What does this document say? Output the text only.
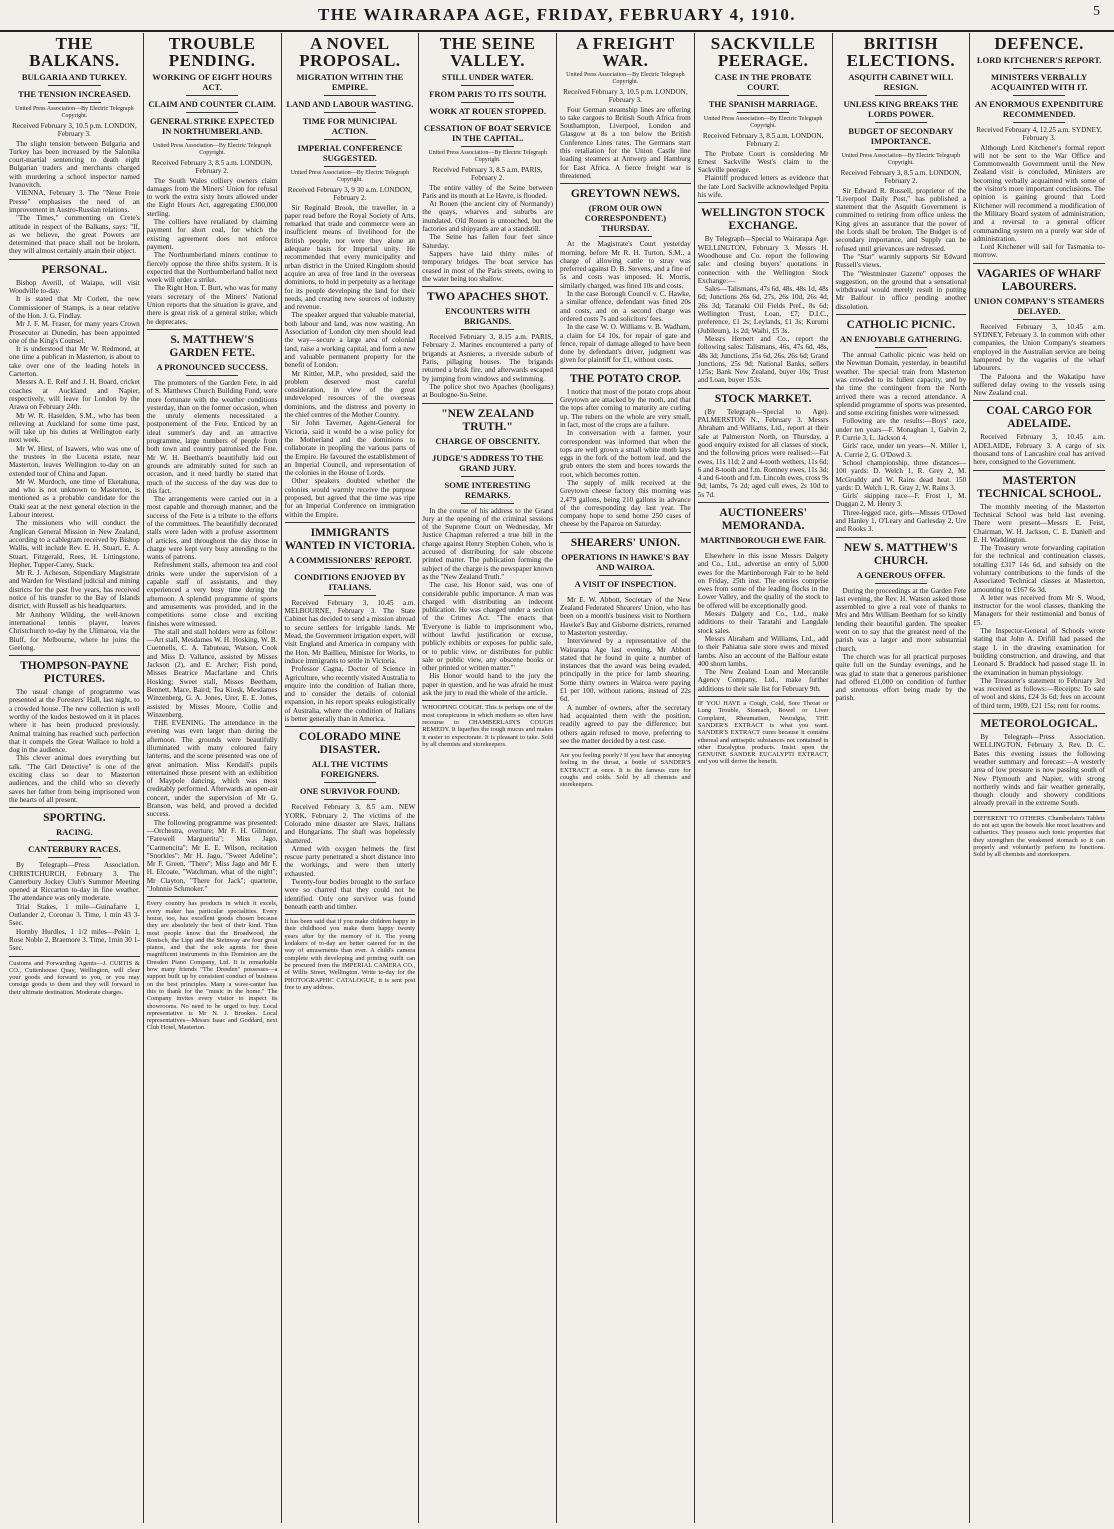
THE WAIRARAPA AGE, FRIDAY, FEBRUARY 4, 1910.	5
THE BALKANS.
BULGARIA AND TURKEY.
THE TENSION INCREASED.
United Press Association—By Electric Telegraph Copyright.
Received February 3, 10.5 p.m. LONDON, February 3.

The slight tension between Bulgaria and Turkey has been increased by the Salonika court-martial sentencing to death eight Bulgarian traders and merchants charged with murdering a school inspector named Ivanovitch.

VIENNA, February 3. The "Neue Freie Presse" emphasises the need of an improvement in Austro-Russian relations.

"The Times," commenting on Crete's attitude in respect of the Balkans, says: "If, as we believe, the great Powers are determined that peace shall not be broken, they will almost certainly attain their object.

PERSONAL.

Bishop Averill, of Waiapu, will visit Woodville to-day.

It is stated that Mr Corlett, the new Commissioner of Stamps, is a near relative of the Hon. J. G. Findlay.

Mr J. F. M. Fraser, for many years Crown Prosecutor at Dunedin, has been appointed one of the King's Counsel.

It is understood that Mr W. Redmond, at one time a publican in Masterton, is about to take over one of the leading hotels in Carterton.

Messrs A. E. Relf and J. H. Board, cricket coaches at Auckland and Napier, respectively, will leave for London by the Arawa on February 24th.

Mr W. R. Haselden, S.M., who has been relieving at Auckland for some time past, will take up his duties at Wellington early next week.

Mr W. Hirst, of Isawers, who was one of the trustees in the Lucena estate, near Masterton, leaves Wellington to-day on an extended tour of China and Japan.

Mr W. Murdoch, one time of Eketahuna, and who is not unknown to Masterton, is mentioned as a probable candidate for the Otaki seat at the next general election in the Labour interest.

The missioners who will conduct the Anglican General Mission in New Zealand, according to a cablegram received by Bishop Wallis, will include Rev. E. H. Stuart, E. A. Stuart, Fitzgerald, Rees, H. Littingstone, Hepher, Tupper-Carey, Stack.

Mr R. J. Acheson, Stipendiary Magistrate and Warden for Westland judicial and mining districts for the past five years, has received notice of his transfer to the Bay of Islands district, with Russell as his headquarters.

Mr Anthony Wilding, the well-known international tennis player, leaves Christchurch to-day by the Ulimaroa, via the Bluff, for Melbourne, where he joins the Geelong.

THOMPSON-PAYNE PICTURES.

The usual change of programme was presented at the Foresters' Hall, last night, to a crowded house. The new collection is well worthy of the kudos bestowed on it in places where it has been produced previously. Animal training has reached such perfection that it compels the Great Wallace to hold a dog in the audience.

This clever animal does everything but talk. "The Girl Detective" is one of the exciting class so dear to Masterton audiences, and the child who so cleverly saves her father from being imprisoned won the hearts of all present.

SPORTING.
RACING.
CANTERBURY RACES.

By Telegraph—Press Association. CHRISTCHURCH, February 3. The Canterbury Jockey Club's Summer Meeting opened at Riccarton to-day in fine weather. The attendance was only moderate.

Trial Stakes, 1 mile—Guinafarre 1, Outlander 2, Coronao 3. Time, 1 min 43 3-5sec.

Hornby Hurdles, 1 1/2 miles—Pekin 1, Rose Noble 2, Braemore 3. Time, 1min 30 1-5sec.

Customs and Forwarding Agents—J. CURTIS & CO., Cuttenhouse Quay, Wellington, will clear your goods and forward to you, or you may consign goods to them and they will forward to their ultimate destination. Moderate charges.
TROUBLE PENDING.
WORKING OF EIGHT HOURS ACT.
CLAIM AND COUNTER CLAIM.
GENERAL STRIKE EXPECTED IN NORTHUMBERLAND.
United Press Association—By Electric Telegraph Copyright.
Received February 3, 8.5 a.m. LONDON, February 2.

The South Wales colliery owners claim damages from the Miners' Union for refusal to work the extra sixty hours allowed under the Eight Hours Act, aggregating £300,000 sterling.

The colliers have retaliated by claiming payment for short coal, for which the existing agreement does not enforce payment.

The Northumberland miners continue to fiercely oppose the three shifts system. It is expected that the Northumberland ballot next week will order a strike.

The Right Hon. T. Burt, who was for many years secretary of the Miners' National Union reports that the situation is grave, and there is great risk of a general strike, which he deprecates.

S. MATTHEW'S GARDEN FETE.
A PRONOUNCED SUCCESS.

The promoters of the Garden Fete, in aid of S. Matthews Church Building Fund, were more fortunate with the weather conditions yesterday, than on the former occasion, when the unruly elements necessitated a postponement of the Fete. Enticed by an ideal summer's day and an attractive programme, large numbers of people from both town and country patronised the Fete. Mr W. H. Beetham's beautifully laid out grounds are admirably suited for such an occasion, and it need hardly be stated that much of the success of the day was due to this fact.

The arrangements were carried out in a most capable and thorough manner, and the success of the Fete is a tribute to the efforts of the committees. The beautifully decorated stalls were laden with a profuse assortment of articles, and throughout the day those in charge were kept very busy attending to the wants of patrons.

Refreshment stalls, afternoon tea and cool drinks were under the supervision of a capable staff of assistants, and they experienced a very busy time during the afternoon. A splendid programme of sports and amusements was provided, and in the competitions some close and exciting finishes were witnessed.

The stall and stall holders were as follow:—Art stall, Mesdames W. H. Hosking, W. B. Cuennells, C. A. Tabuteau, Watson, Cook and Miss D. Vallance, assisted by Misses Jackson (2), and E. Archer; Fish pond, Misses Beatrice Macfarlane and Chris Hosking; Sweet stall, Misses Beetham, Bennett, Mace, Baird; Tea Kiosk, Mesdames Winzenberg, G. A. Jones, Urer, E. E. Jones, assisted by Misses Moore, Collie and Winzenberg.

THE EVENING. The attendance in the evening was even larger than during the afternoon. The grounds were beautifully illuminated with many coloured fairy lanterns, and the scene presented was one of great animation. Miss Kendall's pupils entertained those present with an exhibition of Maypole dancing, which was most creditably performed. Afterwards an open-air concert, under the supervision of Mr G. Branson, was held, and proved a decided success.

The following programme was presented:—Orchestra, overture; Mr F. H. Gilmour, "Farewell Marguerita"; Miss Jago, "Carmencita"; Mr E. E. Wilson, recitation "Snorkles"; Mr H. Jago, "Sweet Adeline"; Mr F. Green, "There"; Miss Jago and Mr F. H. Elcoate, "Watchman, what of the night"; Mr Clayton, "There for Jack"; quartette, "Johnnie Schmoker."

Every country has products in which it excels, every maker has particular specialities. Every house, too, has excellent goods chosen because they are absolutely the best of their kind. Thus most people know that the Broadwood, the Ronisch, the Lipp and the Steinway are four great pianos, and that the sole agents for these magnificent instruments in this Dominion are the Dresden Piano Company, Ltd. It is remarkable how many friends "The Dresden" possesses—a support built up by consistent conduct of business on the best principles. Many a wave-canter has this to thank for the "music in the home." The Company invites every visitor to inspect its showrooms. No need to be urged to buy. Local representative is Mr N. J. Brookes. Local representatives—Messrs Isaac and Goddard, next Club Hotel, Masterton.
A NOVEL PROPOSAL.
MIGRATION WITHIN THE EMPIRE.
LAND AND LABOUR WASTING.
TIME FOR MUNICIPAL ACTION.
IMPERIAL CONFERENCE SUGGESTED.
United Press Association—By Electric Telegraph Copyright.
Received February 3, 9 30 a.m. LONDON, February 2.

Sir Reginald Brook, the traveller, in a paper read before the Royal Society of Arts, remarked that trade and commerce were an insufficient means of livelihood for the British people, nor were they alone an adequate basis for Imperial unity. He recommended that every municipality and urban district in the United Kingdom should acquire an area of free land in the overseas dominions, to hold in perpetuity as a heritage for its people developing the land for their needs, and creating new sources of industry and revenue.

The speaker argued that valuable material, both labour and land, was now wasting. An Association of London city men should lead the way—secure a large area of colonial land, raise a working capital, and form a new and valuable permanent property for the benefit of London.

Mr Kittler, M.P., who presided, said the problem deserved most careful consideration, in view of the great undeveloped resources of the overseas dominions, and the distress and poverty in the chief centres of the Mother Country.

Sir John Taverner, Agent-General for Victoria, said it would be a wise policy for the Motherland and the dominions to collaborate in peopling the various parts of the Empire. He favoured the establishment of an Imperial Council, and representation of the colonies in the House of Lords.

Other speakers doubted whether the colonies would warmly receive the purpose proposed, but agreed that the time was ripe for an Imperial Conference on immigration within the Empire.

IMMIGRANTS WANTED IN VICTORIA.
A COMMISSIONERS' REPORT.
CONDITIONS ENJOYED BY ITALIANS.

Received February 3, 10.45 a.m. MELBOURNE, February 3. The State Cabinet has decided to send a mission abroad to secure settlers for irrigable lands. Mr Mead, the Government irrigation expert, will visit England and America in company with the Hon. Mr Baillieu, Minister for Works, to induce immigrants to settle in Victoria.

Professor Cagna, Doctor of Science in Agriculture, who recently visited Australia to enquire into the condition of Italian there, and to consider the details of colonial expansion, in his report speaks eulogistically of Australia, where the condition of Italians is better generally than in America.

COLORADO MINE DISASTER.
ALL THE VICTIMS FOREIGNERS.
ONE SURVIVOR FOUND.

Received February 3, 8.5 a.m. NEW YORK, February 2. The victims of the Colorado mine disaster are Slavs, Italians and Hungarians. The shaft was hopelessly shattered.

Armed with oxygen helmets the first rescue party penetrated a short distance into the workings, and were then utterly exhausted.

Twenty-four bodies brought to the surface were so charred that they could not be identified. Only one survivor was found beneath earth and timber.

It has been said that if you make children happy in their childhood you make them happy twenty years after by the memory of it. The young kodakers of to-day are better catered for in the way of amusements than ever. A child's camera complete with developing and printing outfit can be procured from the IMPERIAL CAMERA CO., of Willis Street, Wellington. Write to-day for the PHOTOGRAPHIC CATALOGUE, it is sent post free to any address.
THE SEINE VALLEY.
STILL UNDER WATER.
FROM PARIS TO ITS SOUTH.
WORK AT ROUEN STOPPED.
CESSATION OF BOAT SERVICE IN THE CAPITAL.
United Press Association—By Electric Telegraph Copyright.
Received February 3, 8.5 a.m. PARIS, February 2.

The entire valley of the Seine between Paris and its mouth at Le Havre, is flooded.

At Rouen (the ancient city of Normandy) the quays, wharves and suburbs are inundated. Old Rouen is untouched, but the factories and shipyards are at a standstill.

The Seine has fallen four feet since Saturday.

Sappers have laid thirty miles of temporary bridges. The boat service has ceased in most of the Paris streets, owing to the water being too shallow.

TWO APACHES SHOT.
ENCOUNTERS WITH BRIGANDS.

Received February 3, 8.15 a.m. PARIS, February 2. Marines encountered a party of brigands at Asnieres, a riverside suburb of Paris, pillaging houses. The brigands returned a brisk fire, and afterwards escaped by jumping from windows and swimming.

The police shot two Apaches (hooligans) at Boulogne-Su-Seine.

"NEW ZEALAND TRUTH."
CHARGE OF OBSCENITY.
JUDGE'S ADDRESS TO THE GRAND JURY.
SOME INTERESTING REMARKS.

In the course of his address to the Grand Jury at the opening of the criminal sessions of the Supreme Court on Wednesday, Mr Justice Chapman referred a true bill in the charge against Henry Stephen Cohen, who is accused of distributing for sale obscene printed matter. The publication forming the subject of the charge is the newspaper known as the "New Zealand Truth."

The case, his Honor said, was one of considerable public importance. A man was charged with distributing an indecent publication. He was charged under a section of the Crimes Act. "The enacts that 'Everyone is liable to imprisonment who, without lawful justification or excuse, publicly exhibits or exposes for public sale, or to public view, or distributes for public sale or public view, any obscene books or other printed or written matter.'"

His Honor would hand to the jury the paper in question, and he was afraid he must ask the jury to read the whole of the article.

WHOOPING COUGH. This is perhaps one of the most conspicuous in which mothers so often have recourse to CHAMBERLAIN'S COUGH REMEDY. It liquefies the tough mucus and makes it easier to expectorate. It is pleasant to take. Sold by all chemists and storekeepers.
A FREIGHT WAR.
United Press Association—By Electric Telegraph Copyright.
Received February 3, 10.5 p.m. LONDON, February 3.

Four German steamship lines are offering to take cargoes to British South Africa from Southampton, Liverpool, London and Glasgow at 8s a ton below the British Conference Lines rates. The Germans start this retaliation for the Union Castle line loading steamers at Antwerp and Hamburg for East Africa. A fierce freight war is threatened.

GREYTOWN NEWS.
(FROM OUR OWN CORRESPONDENT.) THURSDAY.

At the Magistrate's Court yesterday morning, before Mr R. H. Turton, S.M., a charge of allowing cattle to stray was preferred against D. B. Stevens, and a fine of 5s and costs was imposed. H. Morris, similarly charged, was fined 10s and costs.

In the case Borough Council v. C. Hawke, a similar offence, defendant was fined 20s and costs, and on a second charge was ordered costs 7s and solicitors' fees.

In the case W. O. Williams v. B. Wadham, a claim for £4 10s, for repair of gate and fence, repair of damage alleged to have been done by defendant's driver, judgment was given for plaintiff for £1, without costs.

THE POTATO CROP.

I notice that most of the potato crops about Greytown are attacked by the moth, and that the tops after coming to maturity are curling up. The tubers on the whole are very small, in fact, most of the crops are a failure.

In conversation with a farmer, your correspondent was informed that when the tops are well grown a small white moth lays eggs in the fork of the bottom leaf, and the grub enters the stem and bores towards the root, which becomes rotten.

The supply of milk received at the Greytown cheese factory this morning was 2,479 gallons, being 210 gallons in advance of the corresponding day last year. The company hope to send home 250 cases of cheese by the Paparoa on Saturday.

SHEARERS' UNION.
OPERATIONS IN HAWKE'S BAY AND WAIROA.
A VISIT OF INSPECTION.

Mr E. W. Abbott, Secretary of the New Zealand Federated Shearers' Union, who has been on a month's business visit to Northern Hawke's Bay and Gisborne districts, returned to Masterton yesterday.

Interviewed by a representative of the Wairarapa Age last evening, Mr Abbott stated that he found in quite a number of instances that the award was being evaded, principally in the price for lamb shearing. Some thirty owners in Wairoa were paying £1 per 100, without rations, instead of 22s 6d.

A number of owners, after the secretary had acquainted them with the position, readily agreed to pay the difference; but others again refused to move, preferring to see the matter decided by a test case.

Are you feeling poorly? If you have that annoying feeling in the throat, a bottle of SANDER'S EXTRACT at once. It is the famous cure for coughs and colds. Sold by all chemists and storekeepers.
SACKVILLE PEERAGE.
CASE IN THE PROBATE COURT.
THE SPANISH MARRIAGE.
United Press Association—By Electric Telegraph Copyright.
Received February 3, 8.5 a.m. LONDON, February 2.

The Probate Court is considering Mr Ernest Sackville West's claim to the Sackville peerage.

Plaintiff produced letters as evidence that the late Lord Sackville acknowledged Pepita his wife.

WELLINGTON STOCK EXCHANGE.

By Telegraph—Special to Wairarapa Age. WELLINGTON, February 3. Messrs H. Woodhouse and Co. report the following sale: and closing buyers' quotations in connection with the Wellington Stock Exchange:—

Sales—Talismans, 47s 6d, 48s, 48s 1d, 48s 6d; Junctions 26s 6d, 27s, 26s 10d, 26s 4d, 26s 3d; Taranaki Oil Fields Pref., 8s 6d; Wellington Trust, Loan, £7; D.I.C., preference, £1 2s; Leylands, £1 3s; Kurumi (Jubileum), 1s 2d; Waihi, £5 3s.

Messrs Hernert and Co., report the following sales: Talismans, 46s, 47s 6d, 48s, 48s 3d; Junctions, 25s 6d, 26s, 26s 6d; Grand Junctions, 25s 9d; National Banks, sellers 125s; Bank New Zealand, buyer 10s; Trust and Loan, buyer 153s.

STOCK MARKET.

(By Telegraph—Special to Age). PALMERSTON N., February 3. Messrs Abraham and Williams, Ltd., report at their sale at Palmerston North, on Thursday, a good enquiry existed for all classes of stock, and the following prices were realised:—Fat ewes, 11s 11d; 2 and 4-tooth wethers, 11s 6d; 6 and 8-tooth and f.m. Romney ewes, 11s 3d; 4 and 6-tooth and f.m. Lincoln ewes, cross 9s 9d; lambs, 7s 2d; aged cull ewes, 2s 10d to 5s 7d.

AUCTIONEERS' MEMORANDA.
MARTINBOROUGH EWE FAIR.

Elsewhere in this issue Messrs Dalgety and Co., Ltd., advertise an entry of 5,000 ewes for the Martinborough Fair to be held on Friday, 25th inst. The entries comprise ewes from some of the leading flocks in the Lower Valley, and the quality of the stock to be offered will be exceptionally good.

Messrs Dalgety and Co., Ltd., make additions to their Taratahi and Langdale stock sales.

Messrs Abraham and Williams, Ltd., add to their Pahiatua sale store ewes and mixed lambs. Also an account of the Balfour estate 400 shorn lambs.

The New Zealand Loan and Mercantile Agency Company, Ltd., make further additions to their sale list for February 9th.

IF YOU HAVE a Cough, Cold, Sore Throat or Lung Trouble, Stomach, Bowel or Liver Complaint, Rheumatism, Neuralgia, THE SANDER'S EXTRACT is what you want. SANDER'S EXTRACT cures because it contains ethereal and antiseptic substances not contained in other Eucalyptus products. Insist upon the GENUINE SANDER EUCALYPTI EXTRACT, and you will derive the benefit.
BRITISH ELECTIONS.
ASQUITH CABINET WILL RESIGN.
UNLESS KING BREAKS THE LORDS POWER.
BUDGET OF SECONDARY IMPORTANCE.
United Press Association—By Electric Telegraph Copyright.
Received February 3, 8.5 a.m. LONDON, February 2.

Sir Edward R. Russell, proprietor of the "Liverpool Daily Post," has published a statement that the Asquith Government is committed to retiring from office unless the King gives an assurance that the power of the Lords shall be broken. The Budget is of secondary importance, and Supply can be refused until grievances are redressed.

The "Star" warmly supports Sir Edward Russell's views.

The "Westminster Gazette" opposes the suggestion, on the ground that a sensational withdrawal would merely result in putting Mr Balfour in office pending another dissolution.

CATHOLIC PICNIC.
AN ENJOYABLE GATHERING.

The annual Catholic picnic was held on the Newman Domain, yesterday, in beautiful weather. The special train from Masterton was crowded to its fullest capacity, and by the time the contingent from the North arrived there was a record attendance. A splendid programme of sports was presented, and some exciting finishes were witnessed.

Following are the results:—Boys' race, under ten years—F. Monaghan 1, Galvin 2, P. Currie 3, L. Jackson 4.

Girls' race, under ten years—N. Miller 1, A. Currie 2, G. O'Dowd 3.

School championship, three distances—100 yards: D. Welch 1, R. Grey 2, M. McGruddy and W. Rains dead heat. 150 yards: D. Welch 1, R. Gray 2, W. Rains 3.

Girls' skipping race—F. Frost 1, M. Duggan 2, M. Henry 3.

Three-legged race, girls—Misses O'Dowd and Hanley 1, O'Leary and Garlesday 2, Ure and Rooks 3.

NEW S. MATTHEW'S CHURCH.
A GENEROUS OFFER.

During the proceedings at the Garden Fete last evening, the Rev. H. Watson asked those assembled to give a real vote of thanks to Mrs and Mrs William Beetham for so kindly lending their beautiful garden. The speaker went on to say that the greatest need of the parish was a larger and more substantial church.

The church was for all practical purposes quite full on the Sunday evenings, and he was glad to state that a generous parishioner had offered £1,000 on condition of further and strenuous effort being made by the parish.

DEFENCE.
LORD KITCHENER'S REPORT.
MINISTERS VERBALLY ACQUAINTED WITH IT.
AN ENORMOUS EXPENDITURE RECOMMENDED.
Received February 4, 12.25 a.m. SYDNEY, February 3.

Although Lord Kitchener's formal report will not be sent to the War Office and Commonwealth Government until the New Zealand visit is concluded, Ministers are becoming verbally acquainted with some of the visitor's more important conclusions. The opinion is gaining ground that Lord Kitchener will recommend a modification of the Military Board system of administration, and a reversal to a general officer commanding system on a purely war side of administration.

Lord Kitchener will sail for Tasmania to-morrow.

VAGARIES OF WHARF LABOURERS.
UNION COMPANY'S STEAMERS DELAYED.

Received February 3, 10.45 a.m. SYDNEY, February 3. In common with other companies, the Union Company's steamers employed in the Australian service are being hampered by the vagaries of the wharf labourers.

The Paloona and the Wakatipu have suffered delay owing to the vessels using New Zealand coal.

COAL CARGO FOR ADELAIDE.

Received February 3, 10.45 a.m. ADELAIDE, February 3. A cargo of six thousand tons of Lancashire coal has arrived here, consigned to the Government.

MASTERTON TECHNICAL SCHOOL.

The monthly meeting of the Masterton Technical School was held last evening. There were present—Messrs E. Feist, Chairman, W. H. Jackson, C. E. Daniell and E. H. Waddington.

The Treasury wrote forwarding capitation for the technical and continuation classes, totalling £317 14s 6d, and subsidy on the voluntary contributions to the funds of the Associated Technical classes at Masterton, amounting to £167 6s 3d.

A letter was received from Mr S. Wood, instructor for the wool classes, thanking the Managers for their testimonial and bonus of £5.

The Inspector-General of Schools wrote stating that John A. Drifill had passed the stage I. in the drawing examination for building construction, and drawing, and that Leonard S. Braddock had passed stage II. in the examination in human physiology.

The Treasurer's statement to February 3rd was received as follows:—Receipts: To sale of wool and skins, £24 3s 6d; fees on account of third term, 1909, £21 15s; rent for rooms.

METEOROLOGICAL.

By Telegraph—Press Association. WELLINGTON, February 3. Rev. D. C. Bates this evening issues the following weather summary and forecast:—A westerly area of low pressure is now passing south of New Plymouth and Napier, with strong northerly winds and fair weather generally, though cloudy and showery conditions already prevail in the extreme South.

DIFFERENT TO OTHERS. Chamberlain's Tablets do not act upon the bowels like most laxatives and cathartics. They possess such tonic properties that they strengthen the weakened stomach so it can properly and voluntarily perform its functions. Sold by all chemists and storekeepers.
